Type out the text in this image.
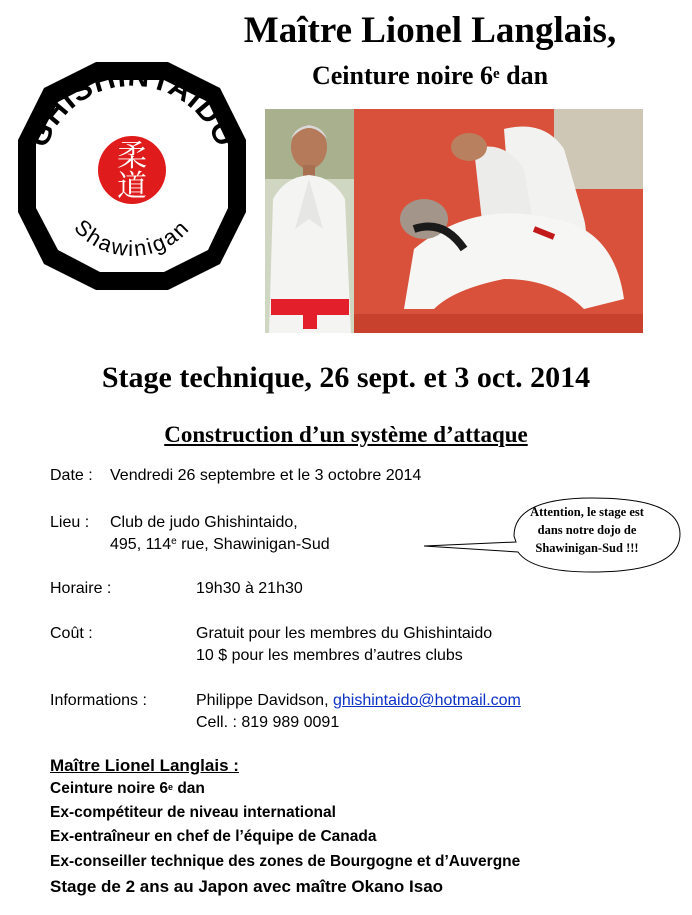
GHISHINTAIDO
Shawinigan
柔
道
Maître Lionel Langlais,
Ceinture noire 6e dan
Stage technique, 26 sept. et 3 oct. 2014
Construction d’un système d’attaque
Date : Vendredi 26 septembre et le 3 octobre 2014
Lieu : Club de judo Ghishintaido,
495, 114e rue, Shawinigan-Sud
Horaire :	19h30 à 21h30
Coût :	Gratuit pour les membres du Ghishintaido
10 $ pour les membres d’autres clubs
Informations :	Philippe Davidson, ghishintaido@hotmail.com
Cell. : 819 989 0091
Attention, le stage est
dans notre dojo de
Shawinigan-Sud !!!

Maître Lionel Langlais :

Ceinture noire 6e dan

Ex-compétiteur de niveau international

Ex-entraîneur en chef de l’équipe de Canada

Ex-conseiller technique des zones de Bourgogne et d’Auvergne

Stage de 2 ans au Japon avec maître Okano Isao
